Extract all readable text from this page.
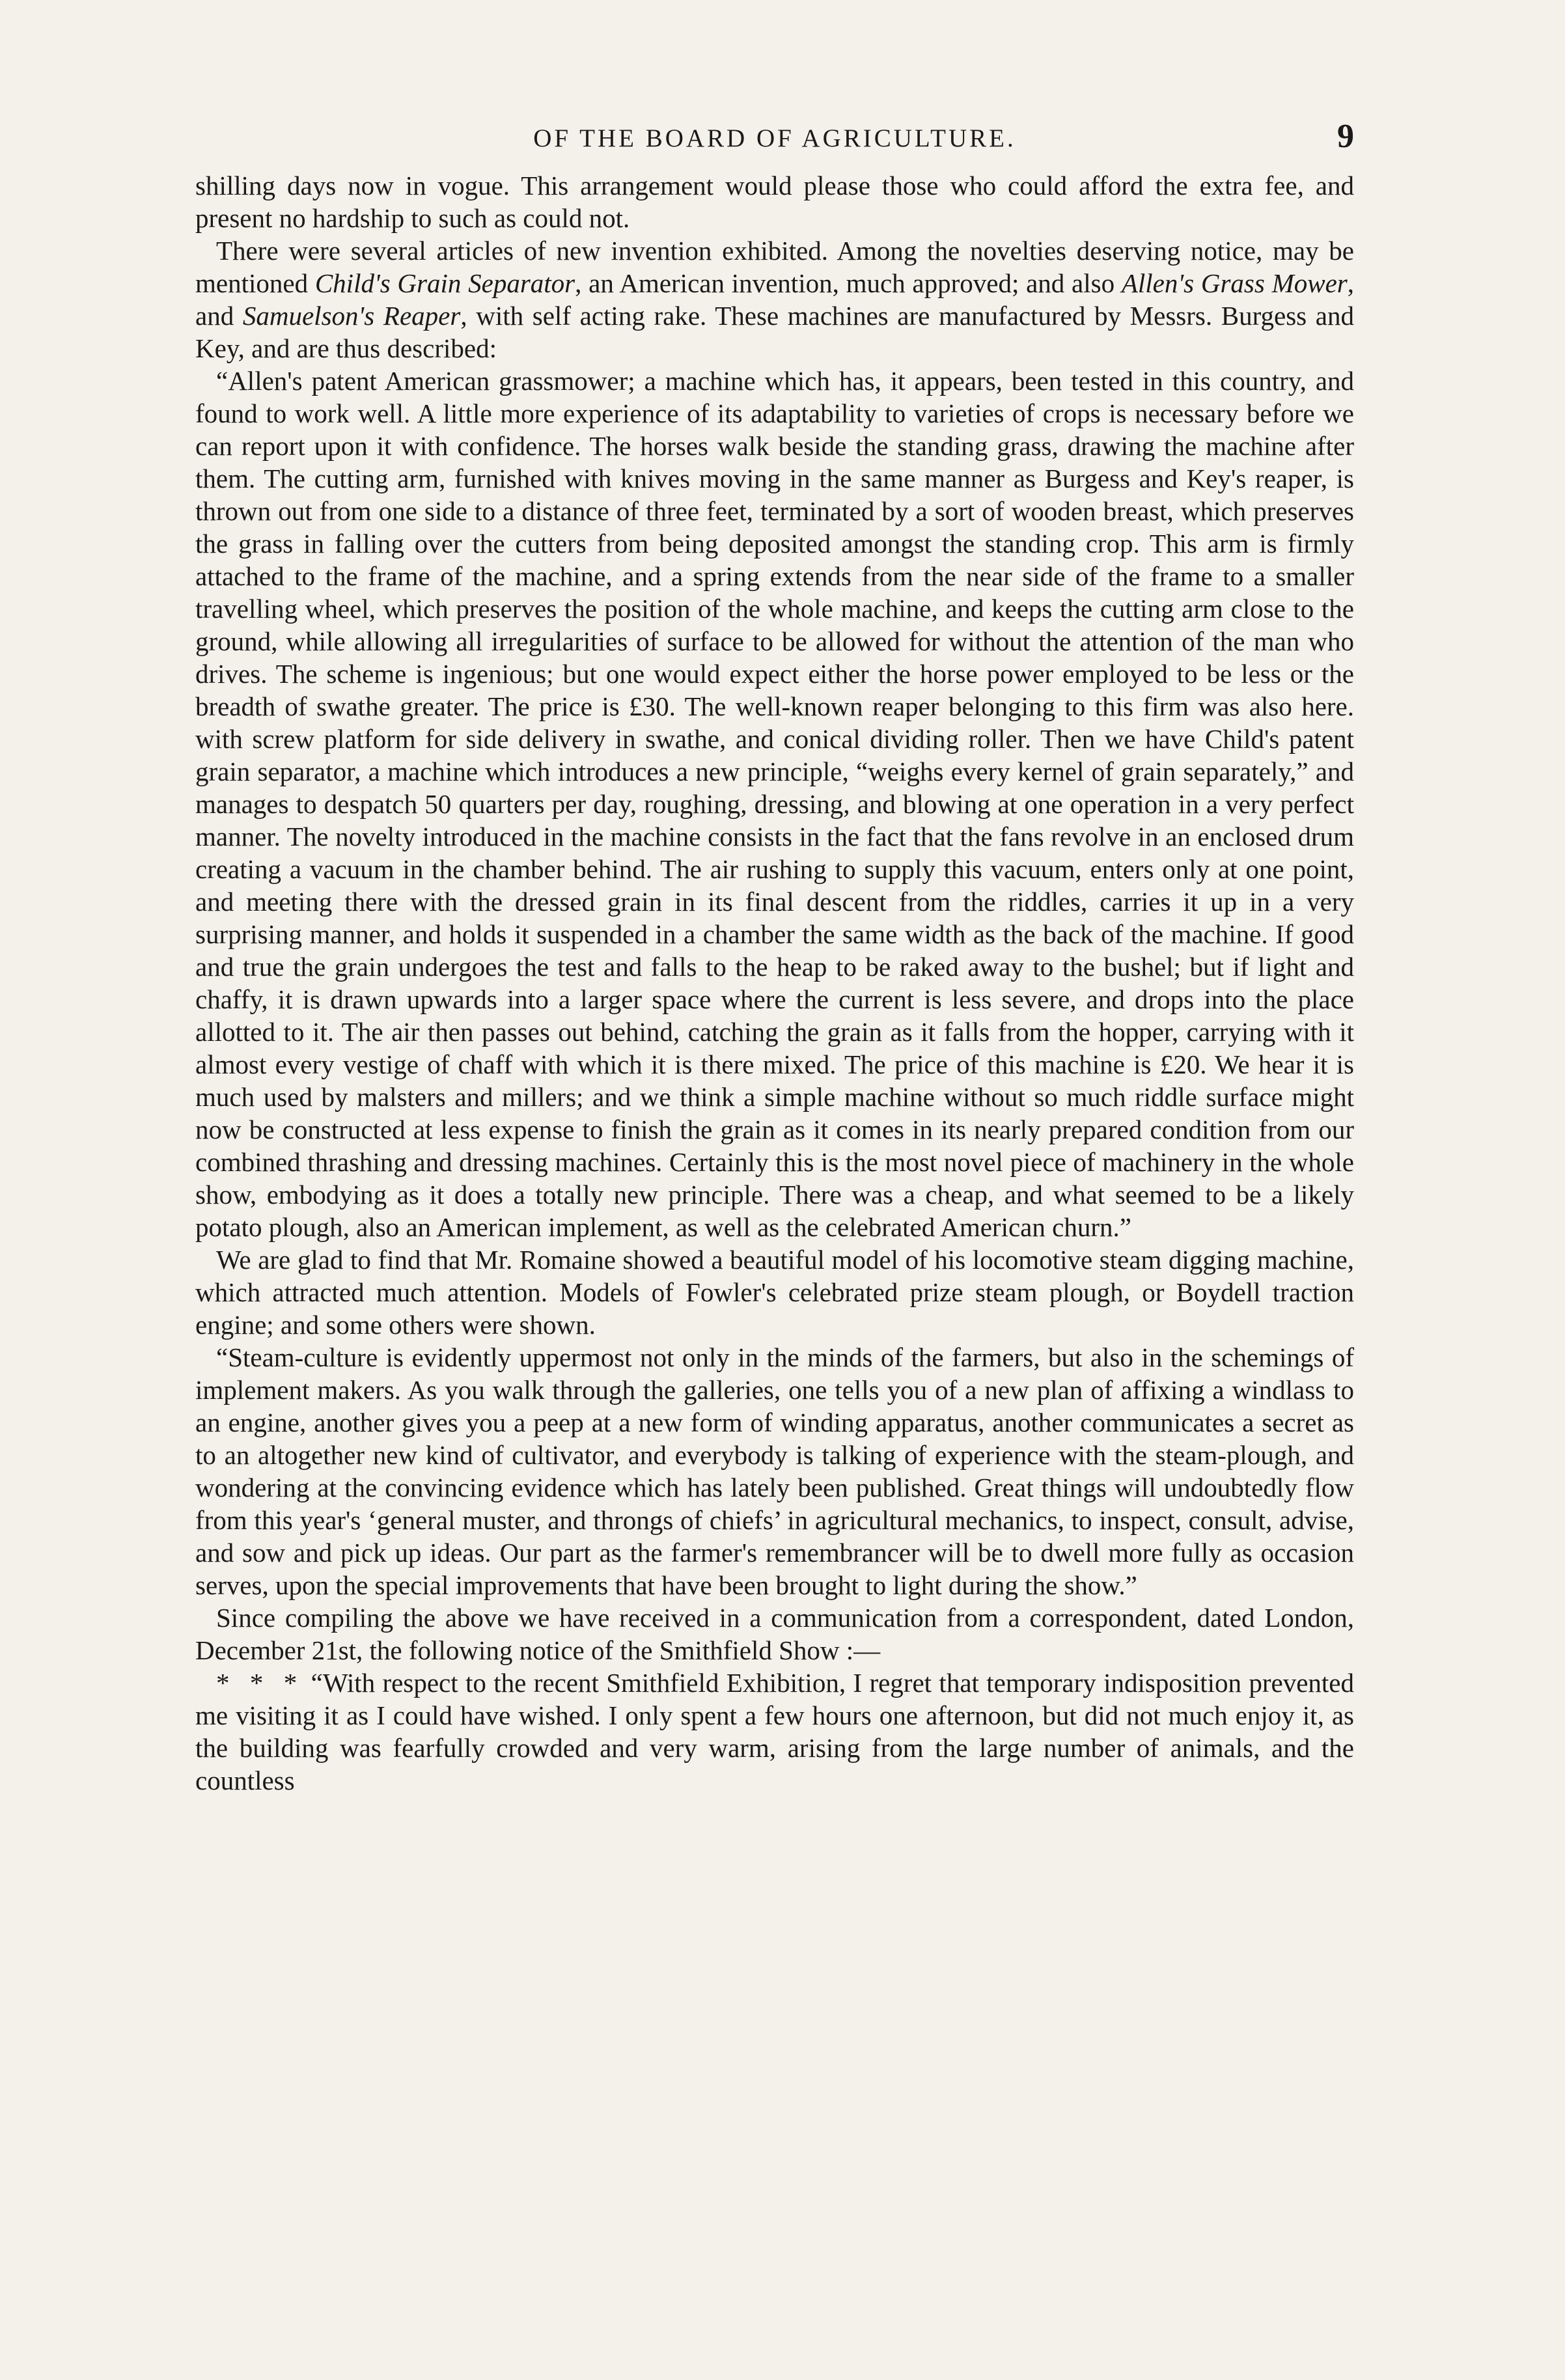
OF THE BOARD OF AGRICULTURE.	9

shilling days now in vogue. This arrangement would please those who could afford the extra fee, and present no hardship to such as could not.

There were several articles of new invention exhibited. Among the novelties deserving notice, may be mentioned Child's Grain Separator, an American invention, much approved; and also Allen's Grass Mower, and Samuelson's Reaper, with self acting rake. These machines are manufactured by Messrs. Burgess and Key, and are thus described:

“Allen's patent American grassmower; a machine which has, it appears, been tested in this country, and found to work well. A little more experience of its adaptability to varieties of crops is necessary before we can report upon it with confidence. The horses walk beside the standing grass, drawing the machine after them. The cutting arm, furnished with knives moving in the same manner as Burgess and Key's reaper, is thrown out from one side to a distance of three feet, terminated by a sort of wooden breast, which preserves the grass in falling over the cutters from being deposited amongst the standing crop. This arm is firmly attached to the frame of the machine, and a spring extends from the near side of the frame to a smaller travelling wheel, which preserves the position of the whole machine, and keeps the cutting arm close to the ground, while allowing all irregularities of surface to be allowed for without the attention of the man who drives. The scheme is ingenious; but one would expect either the horse power employed to be less or the breadth of swathe greater. The price is £30. The well-known reaper belonging to this firm was also here. with screw platform for side delivery in swathe, and conical dividing roller. Then we have Child's patent grain separator, a machine which introduces a new principle, “weighs every kernel of grain separately,” and manages to despatch 50 quarters per day, roughing, dressing, and blowing at one operation in a very perfect manner. The novelty introduced in the machine consists in the fact that the fans revolve in an enclosed drum creating a vacuum in the chamber behind. The air rushing to supply this vacuum, enters only at one point, and meeting there with the dressed grain in its final descent from the riddles, carries it up in a very surprising manner, and holds it suspended in a chamber the same width as the back of the machine. If good and true the grain undergoes the test and falls to the heap to be raked away to the bushel; but if light and chaffy, it is drawn upwards into a larger space where the current is less severe, and drops into the place allotted to it. The air then passes out behind, catching the grain as it falls from the hopper, carrying with it almost every vestige of chaff with which it is there mixed. The price of this machine is £20. We hear it is much used by malsters and millers; and we think a simple machine without so much riddle surface might now be constructed at less expense to finish the grain as it comes in its nearly prepared condition from our combined thrashing and dressing machines. Certainly this is the most novel piece of machinery in the whole show, embodying as it does a totally new principle. There was a cheap, and what seemed to be a likely potato plough, also an American implement, as well as the celebrated American churn.”

We are glad to find that Mr. Romaine showed a beautiful model of his locomotive steam digging machine, which attracted much attention. Models of Fowler's celebrated prize steam plough, or Boydell traction engine; and some others were shown.

“Steam-culture is evidently uppermost not only in the minds of the farmers, but also in the schemings of implement makers. As you walk through the galleries, one tells you of a new plan of affixing a windlass to an engine, another gives you a peep at a new form of winding apparatus, another communicates a secret as to an altogether new kind of cultivator, and everybody is talking of experience with the steam-plough, and wondering at the convincing evidence which has lately been published. Great things will undoubtedly flow from this year's ‘general muster, and throngs of chiefs’ in agricultural mechanics, to inspect, consult, advise, and sow and pick up ideas. Our part as the farmer's remembrancer will be to dwell more fully as occasion serves, upon the special improvements that have been brought to light during the show.”

Since compiling the above we have received in a communication from a correspondent, dated London, December 21st, the following notice of the Smithfield Show :—

* * * “With respect to the recent Smithfield Exhibition, I regret that temporary indisposition prevented me visiting it as I could have wished. I only spent a few hours one afternoon, but did not much enjoy it, as the building was fearfully crowded and very warm, arising from the large number of animals, and the countless
